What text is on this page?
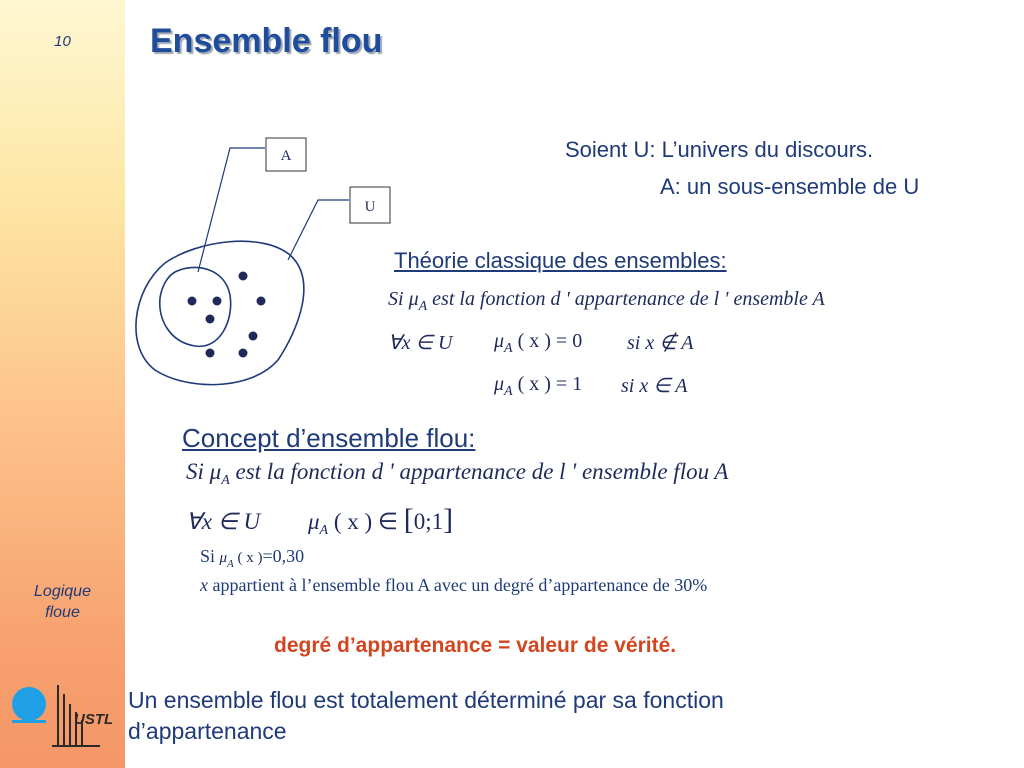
10
Logique
floue
USTL
Ensemble flou
A
U
Soient U: L’univers du discours.
A: un sous-ensemble de U
Théorie classique des ensembles:
Si $\mu_A$ est la fonction d ' appartenance de l ' ensemble A
∀x ∈ U $\mu_A$ ( x ) = 0 si x ∉ A
$\mu_A$ ( x ) = 1 si x ∈ A
Concept d’ensemble flou:
Si $\mu_A$ est la fonction d ' appartenance de l ' ensemble flou A
∀x ∈ U $\mu_A$ ( x ) ∈ [0;1]
Si $\mu_A$ ( x )=0,30
x appartient à l’ensemble flou A avec un degré d’appartenance de 30%
degré d’appartenance = valeur de vérité.
Un ensemble flou est totalement déterminé par sa fonction
d’appartenance
